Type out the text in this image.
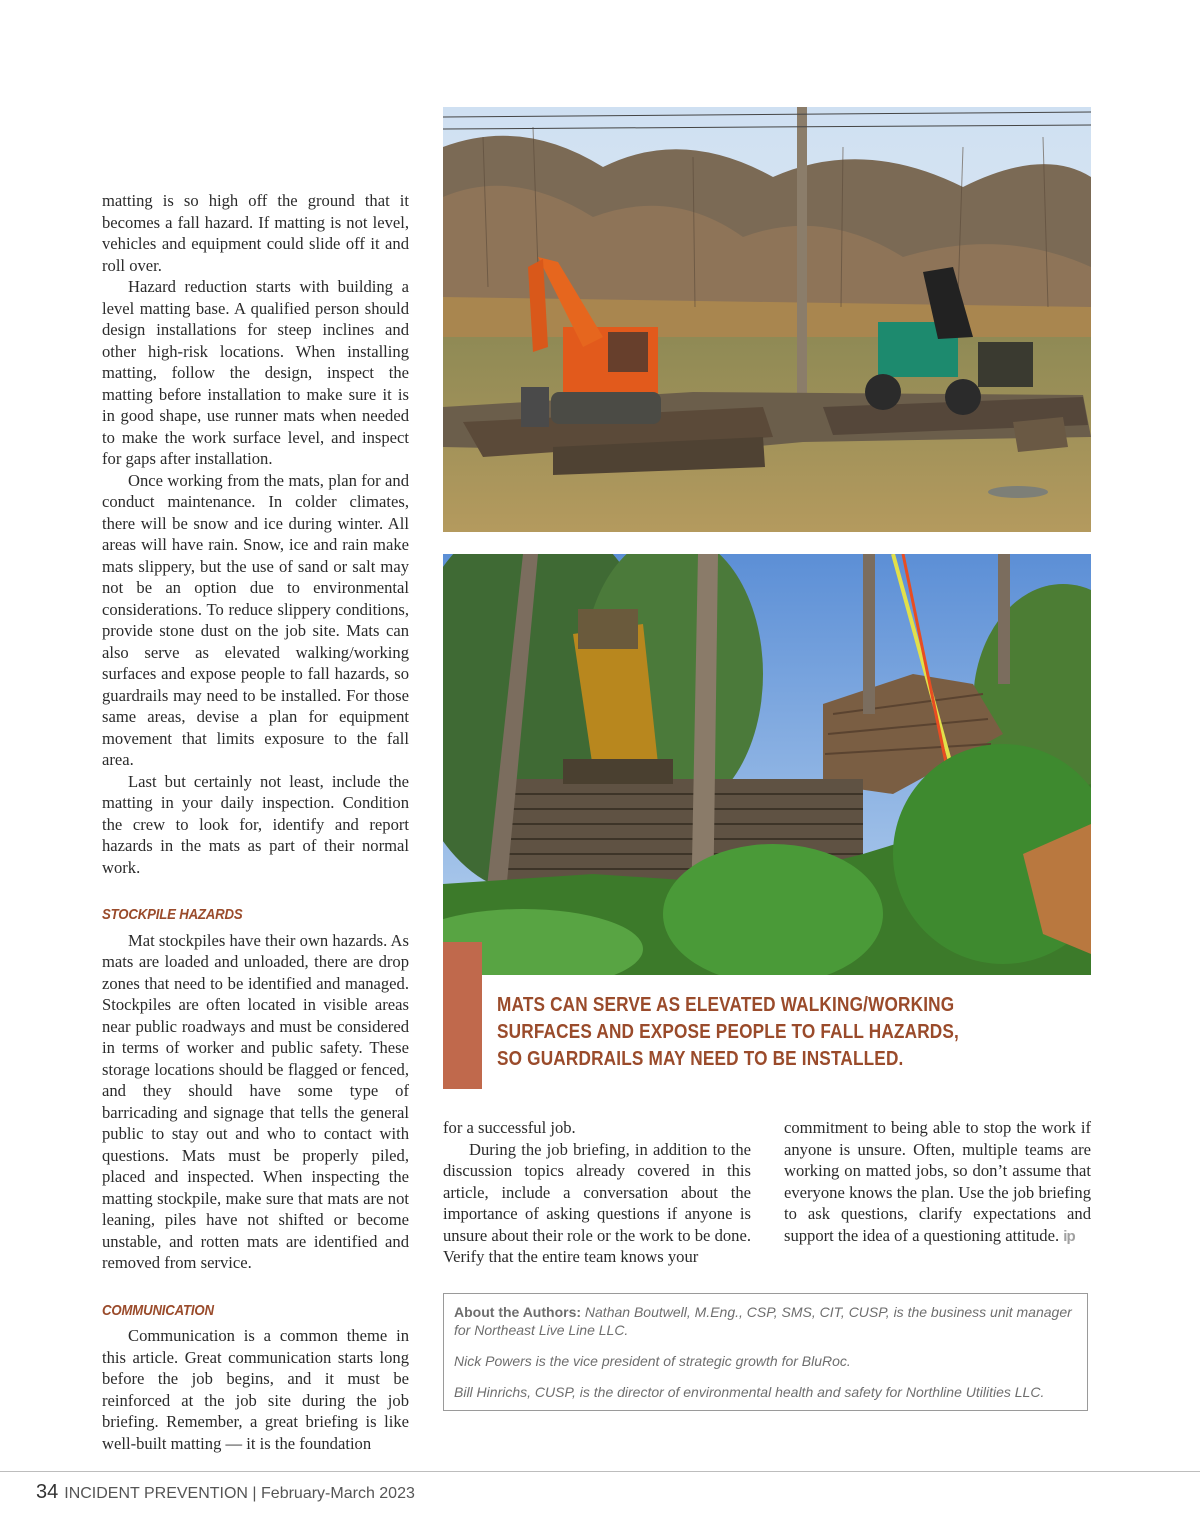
matting is so high off the ground that it becomes a fall hazard. If matting is not level, vehicles and equipment could slide off it and roll over.

Hazard reduction starts with building a level matting base. A qualified person should design installations for steep inclines and other high-risk locations. When installing matting, follow the design, inspect the matting before installation to make sure it is in good shape, use runner mats when needed to make the work surface level, and inspect for gaps after installation.

Once working from the mats, plan for and conduct maintenance. In colder climates, there will be snow and ice during winter. All areas will have rain. Snow, ice and rain make mats slippery, but the use of sand or salt may not be an option due to environmental considerations. To reduce slippery conditions, provide stone dust on the job site. Mats can also serve as elevated walking/working surfaces and expose people to fall hazards, so guardrails may need to be installed. For those same areas, devise a plan for equipment movement that limits exposure to the fall area.

Last but certainly not least, include the matting in your daily inspection. Condition the crew to look for, identify and report hazards in the mats as part of their normal work.

STOCKPILE HAZARDS

Mat stockpiles have their own hazards. As mats are loaded and unloaded, there are drop zones that need to be identified and managed. Stockpiles are often located in visible areas near public roadways and must be considered in terms of worker and public safety. These storage locations should be flagged or fenced, and they should have some type of barricading and signage that tells the general public to stay out and who to contact with questions. Mats must be properly piled, placed and inspected. When inspecting the matting stockpile, make sure that mats are not leaning, piles have not shifted or become unstable, and rotten mats are identified and removed from service.

COMMUNICATION

Communication is a common theme in this article. Great communication starts long before the job begins, and it must be reinforced at the job site during the job briefing. Remember, a great briefing is like well-built matting — it is the foundation

MATS CAN SERVE AS ELEVATED WALKING/WORKING SURFACES AND EXPOSE PEOPLE TO FALL HAZARDS, SO GUARDRAILS MAY NEED TO BE INSTALLED.

for a successful job.

During the job briefing, in addition to the discussion topics already covered in this article, include a conversation about the importance of asking questions if anyone is unsure about their role or the work to be done. Verify that the entire team knows your

commitment to being able to stop the work if anyone is unsure. Often, multiple teams are working on matted jobs, so don’t assume that everyone knows the plan. Use the job briefing to ask questions, clarify expectations and support the idea of a questioning attitude. ip

About the Authors: Nathan Boutwell, M.Eng., CSP, SMS, CIT, CUSP, is the business unit manager for Northeast Live Line LLC.

Nick Powers is the vice president of strategic growth for BluRoc.

Bill Hinrichs, CUSP, is the director of environmental health and safety for Northline Utilities LLC.

34 INCIDENT PREVENTION | February-March 2023
